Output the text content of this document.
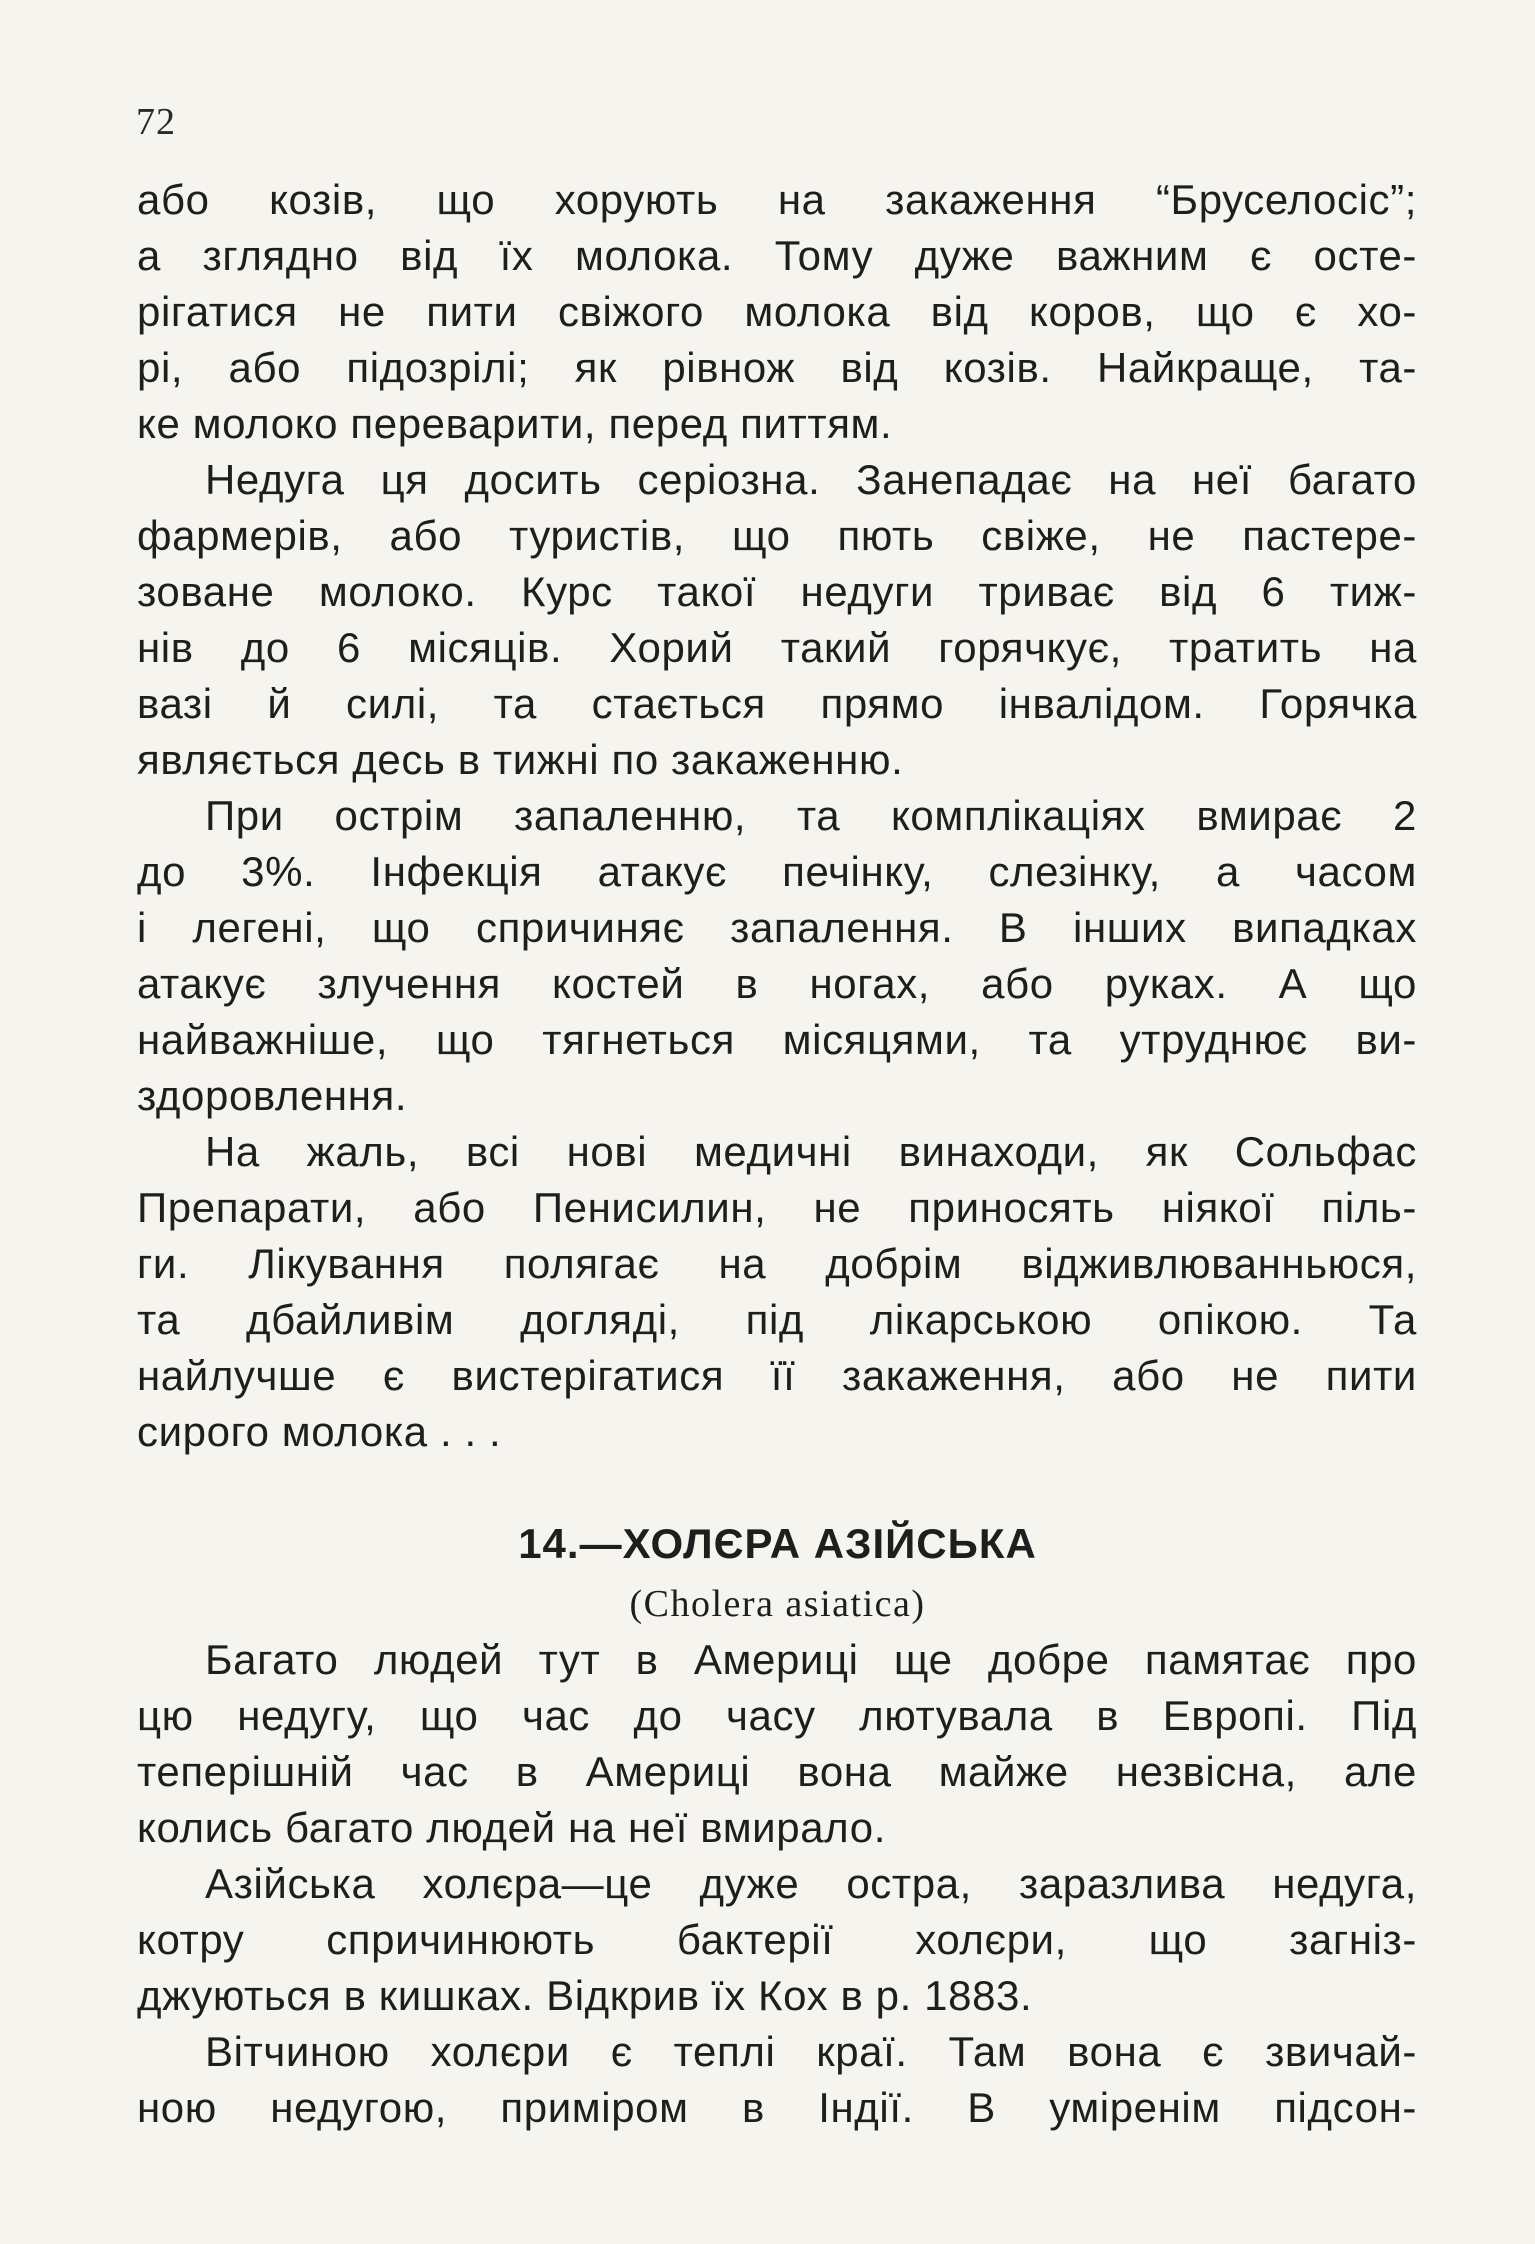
72
або козів, що хорують на закаження “Бруселосіс”;
а зглядно від їх молока. Тому дуже важним є осте-
рігатися не пити свіжого молока від коров, що є хо-
рі, або підозрілі; як рівнож від козів. Найкраще, та-
ке молоко переварити, перед питтям.
Недуга ця досить серіозна. Занепадає на неї багато
фармерів, або туристів, що пють свіже, не пастере-
зоване молоко. Курс такої недуги триває від 6 тиж-
нів до 6 місяців. Хорий такий горячкує, тратить на
вазі й силі, та стається прямо інвалідом. Горячка
являється десь в тижні по закаженню.
При острім запаленню, та комплікаціях вмирає 2
до 3%. Інфекція атакує печінку, слезінку, а часом
і легені, що спричиняє запалення. В інших випадках
атакує злучення костей в ногах, або руках. А що
найважніше, що тягнеться місяцями, та утруднює ви-
здоровлення.
На жаль, всі нові медичні винаходи, як Сольфас
Препарати, або Пенисилин, не приносять ніякої піль-
ги. Лікування полягає на добрім відживлюванньюся,
та дбайливім догляді, під лікарською опікою. Та
найлучше є вистерігатися її закаження, або не пити
сирого молока . . .
14.—ХОЛЄРА АЗІЙСЬКА
(Cholera asiatica)
Багато людей тут в Америці ще добре памятає про
цю недугу, що час до часу лютувала в Европі. Під
теперішній час в Америці вона майже незвісна, але
колись багато людей на неї вмирало.
Азійська холєра—це дуже остра, заразлива недуга,
котру спричинюють бактерії холєри, що загніз-
джуються в кишках. Відкрив їх Кох в р. 1883.
Вітчиною холєри є теплі краї. Там вона є звичай-
ною недугою, приміром в Індії. В уміренім підсон-
